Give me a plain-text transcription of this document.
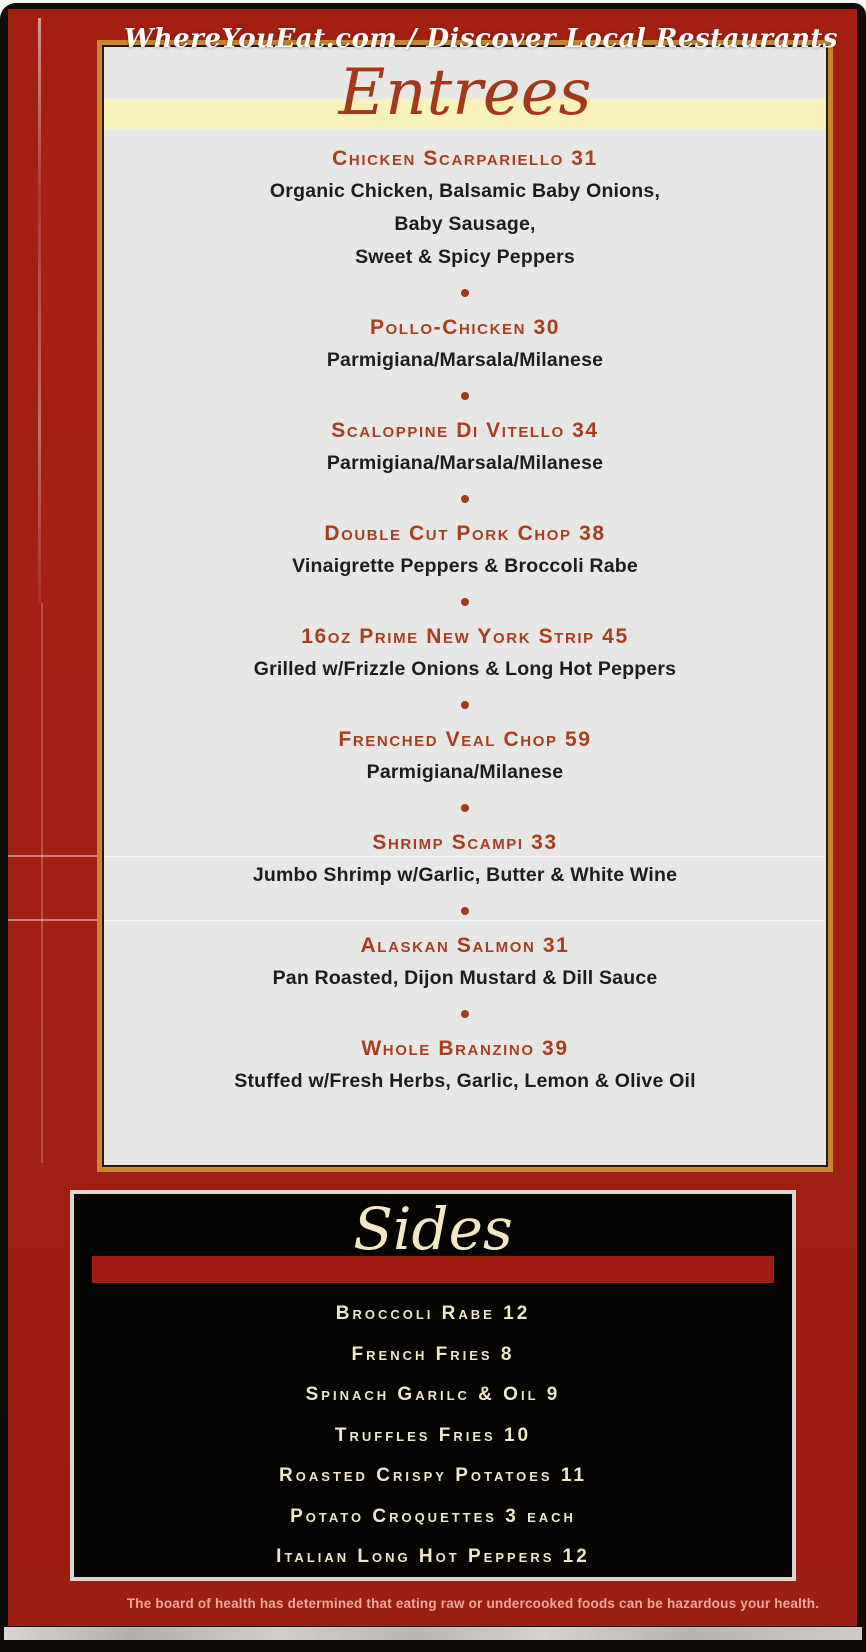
Entrees
Chicken Scarpariello 31
Organic Chicken, Balsamic Baby Onions,
Baby Sausage,
Sweet & Spicy Peppers
Pollo-Chicken 30
Parmigiana/Marsala/Milanese
Scaloppine Di Vitello 34
Parmigiana/Marsala/Milanese
Double Cut Pork Chop 38
Vinaigrette Peppers & Broccoli Rabe
16oz Prime New York Strip 45
Grilled w/Frizzle Onions & Long Hot Peppers
Frenched Veal Chop 59
Parmigiana/Milanese
Shrimp Scampi 33
Jumbo Shrimp w/Garlic, Butter & White Wine
Alaskan Salmon 31
Pan Roasted, Dijon Mustard & Dill Sauce
Whole Branzino 39
Stuffed w/Fresh Herbs, Garlic, Lemon & Olive Oil
Sides
Broccoli Rabe 12
French Fries 8
Spinach Garilc & Oil 9
Truffles Fries 10
Roasted Crispy Potatoes 11
Potato Croquettes 3 each
Italian Long Hot Peppers 12
The board of health has determined that eating raw or undercooked foods can be hazardous your health.
WhereYouEat.com / Discover Local Restaurants
